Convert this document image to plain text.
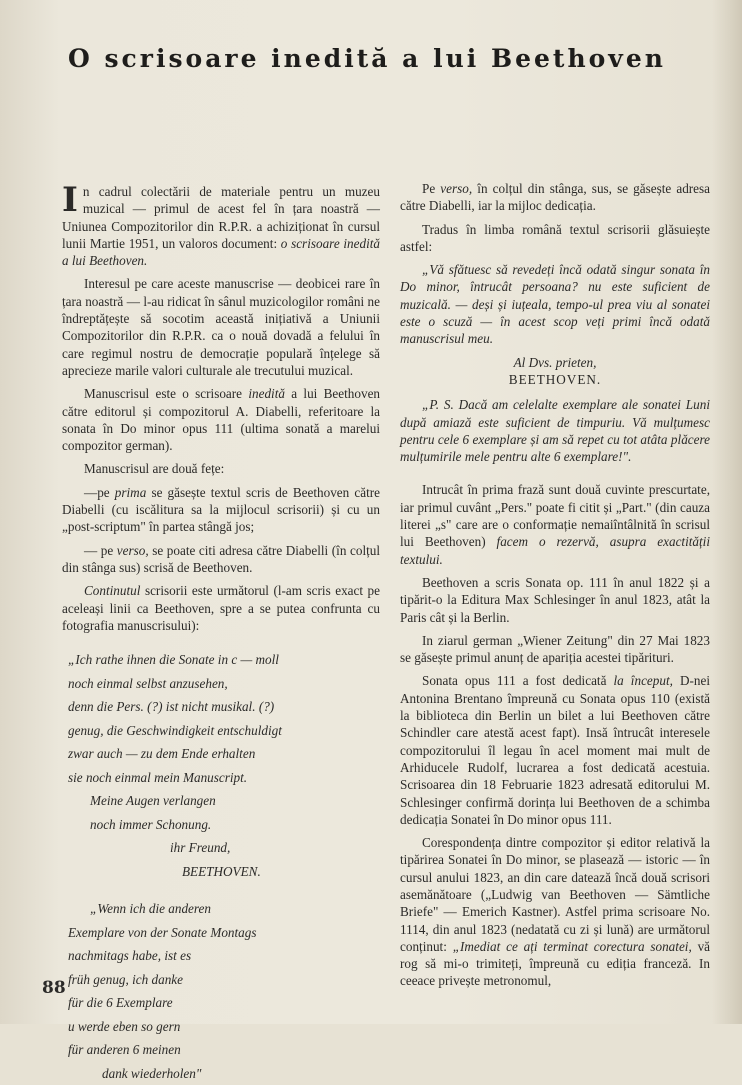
O scrisoare inedită a lui Beethoven

In cadrul colectării de materiale pentru un muzeu muzical — primul de acest fel în țara noastră — Uniunea Compozitorilor din R.P.R. a achiziționat în cursul lunii Martie 1951, un valoros document: o scrisoare inedită a lui Beethoven.

Interesul pe care aceste manuscrise — deobicei rare în țara noastră — l-au ridicat în sânul muzicologilor români ne îndreptățește să socotim această inițiativă a Uniunii Compozitorilor din R.P.R. ca o nouă dovadă a felului în care regimul nostru de democrație populară înțelege să aprecieze marile valori culturale ale trecutului muzical.

Manuscrisul este o scrisoare inedită a lui Beethoven către editorul și compozitorul A. Diabelli, referitoare la sonata în Do minor opus 111 (ultima sonată a marelui compozitor german).

Manuscrisul are două fețe:

—pe prima se găsește textul scris de Beethoven către Diabelli (cu iscălitura sa la mijlocul scrisorii) și cu un „post-scriptum" în partea stângă jos;

— pe verso, se poate citi adresa către Diabelli (în colțul din stânga sus) scrisă de Beethoven.

Continutul scrisorii este următorul (l-am scris exact pe aceleași linii ca Beethoven, spre a se putea confrunta cu fotografia manuscrisului):

„Ich rathe ihnen die Sonate in c — moll
noch einmal selbst anzusehen,
denn die Pers. (?) ist nicht musikal. (?)
genug, die Geschwindigkeit entschuldigt
zwar auch — zu dem Ende erhalten
sie noch einmal mein Manuscript.
Meine Augen verlangen
noch immer Schonung.
ihr Freund,
BEETHOVEN.
„Wenn ich die anderen
Exemplare von der Sonate Montags
nachmitags habe, ist es
früh genug, ich danke
für die 6 Exemplare
u werde eben so gern
für anderen 6 meinen
dank wiederholen"

Pe verso, în colțul din stânga, sus, se găsește adresa către Diabelli, iar la mijloc dedicația.

Tradus în limba română textul scrisorii glăsuiește astfel:

„Vă sfătuesc să revedeți încă odată singur sonata în Do minor, întrucât persoana? nu este suficient de muzicală. — deși și iuțeala, tempo-ul prea viu al sonatei este o scuză — în acest scop veți primi încă odată manuscrisul meu.

Al Dvs. prieten,
BEETHOVEN.

„P. S. Dacă am celelalte exemplare ale sonatei Luni după amiază este suficient de timpuriu. Vă mulțumesc pentru cele 6 exemplare și am să repet cu tot atâta plăcere mulțumirile mele pentru alte 6 exemplare!".

Intrucât în prima frază sunt două cuvinte prescurtate, iar primul cuvânt „Pers." poate fi citit și „Part." (din cauza literei „s" care are o conformație nemaiîntâlnită în scrisul lui Beethoven) facem o rezervă, asupra exactității textului.

Beethoven a scris Sonata op. 111 în anul 1822 și a tipărit-o la Editura Max Schlesinger în anul 1823, atât la Paris cât și la Berlin.

In ziarul german „Wiener Zeitung" din 27 Mai 1823 se găsește primul anunț de apariția acestei tipărituri.

Sonata opus 111 a fost dedicată la început, D-nei Antonina Brentano împreună cu Sonata opus 110 (există la biblioteca din Berlin un bilet a lui Beethoven către Schindler care atestă acest fapt). Insă întrucât interesele compozitorului îl legau în acel moment mai mult de Arhiducele Rudolf, lucrarea a fost dedicată acestuia. Scrisoarea din 18 Februarie 1823 adresată editorului M. Schlesinger confirmă dorința lui Beethoven de a schimba dedicația Sonatei în Do minor opus 111.

Corespondența dintre compozitor și editor relativă la tipărirea Sonatei în Do minor, se plasează — istoric — în cursul anului 1823, an din care datează încă două scrisori asemănătoare („Ludwig van Beethoven — Sämtliche Briefe" — Emerich Kastner). Astfel prima scrisoare No. 1114, din anul 1823 (nedatată cu zi și lună) are următorul conținut: „Imediat ce ați terminat corectura sonatei, vă rog să mi-o trimiteți, împreună cu ediția franceză. In ceeace privește metronomul,

88
